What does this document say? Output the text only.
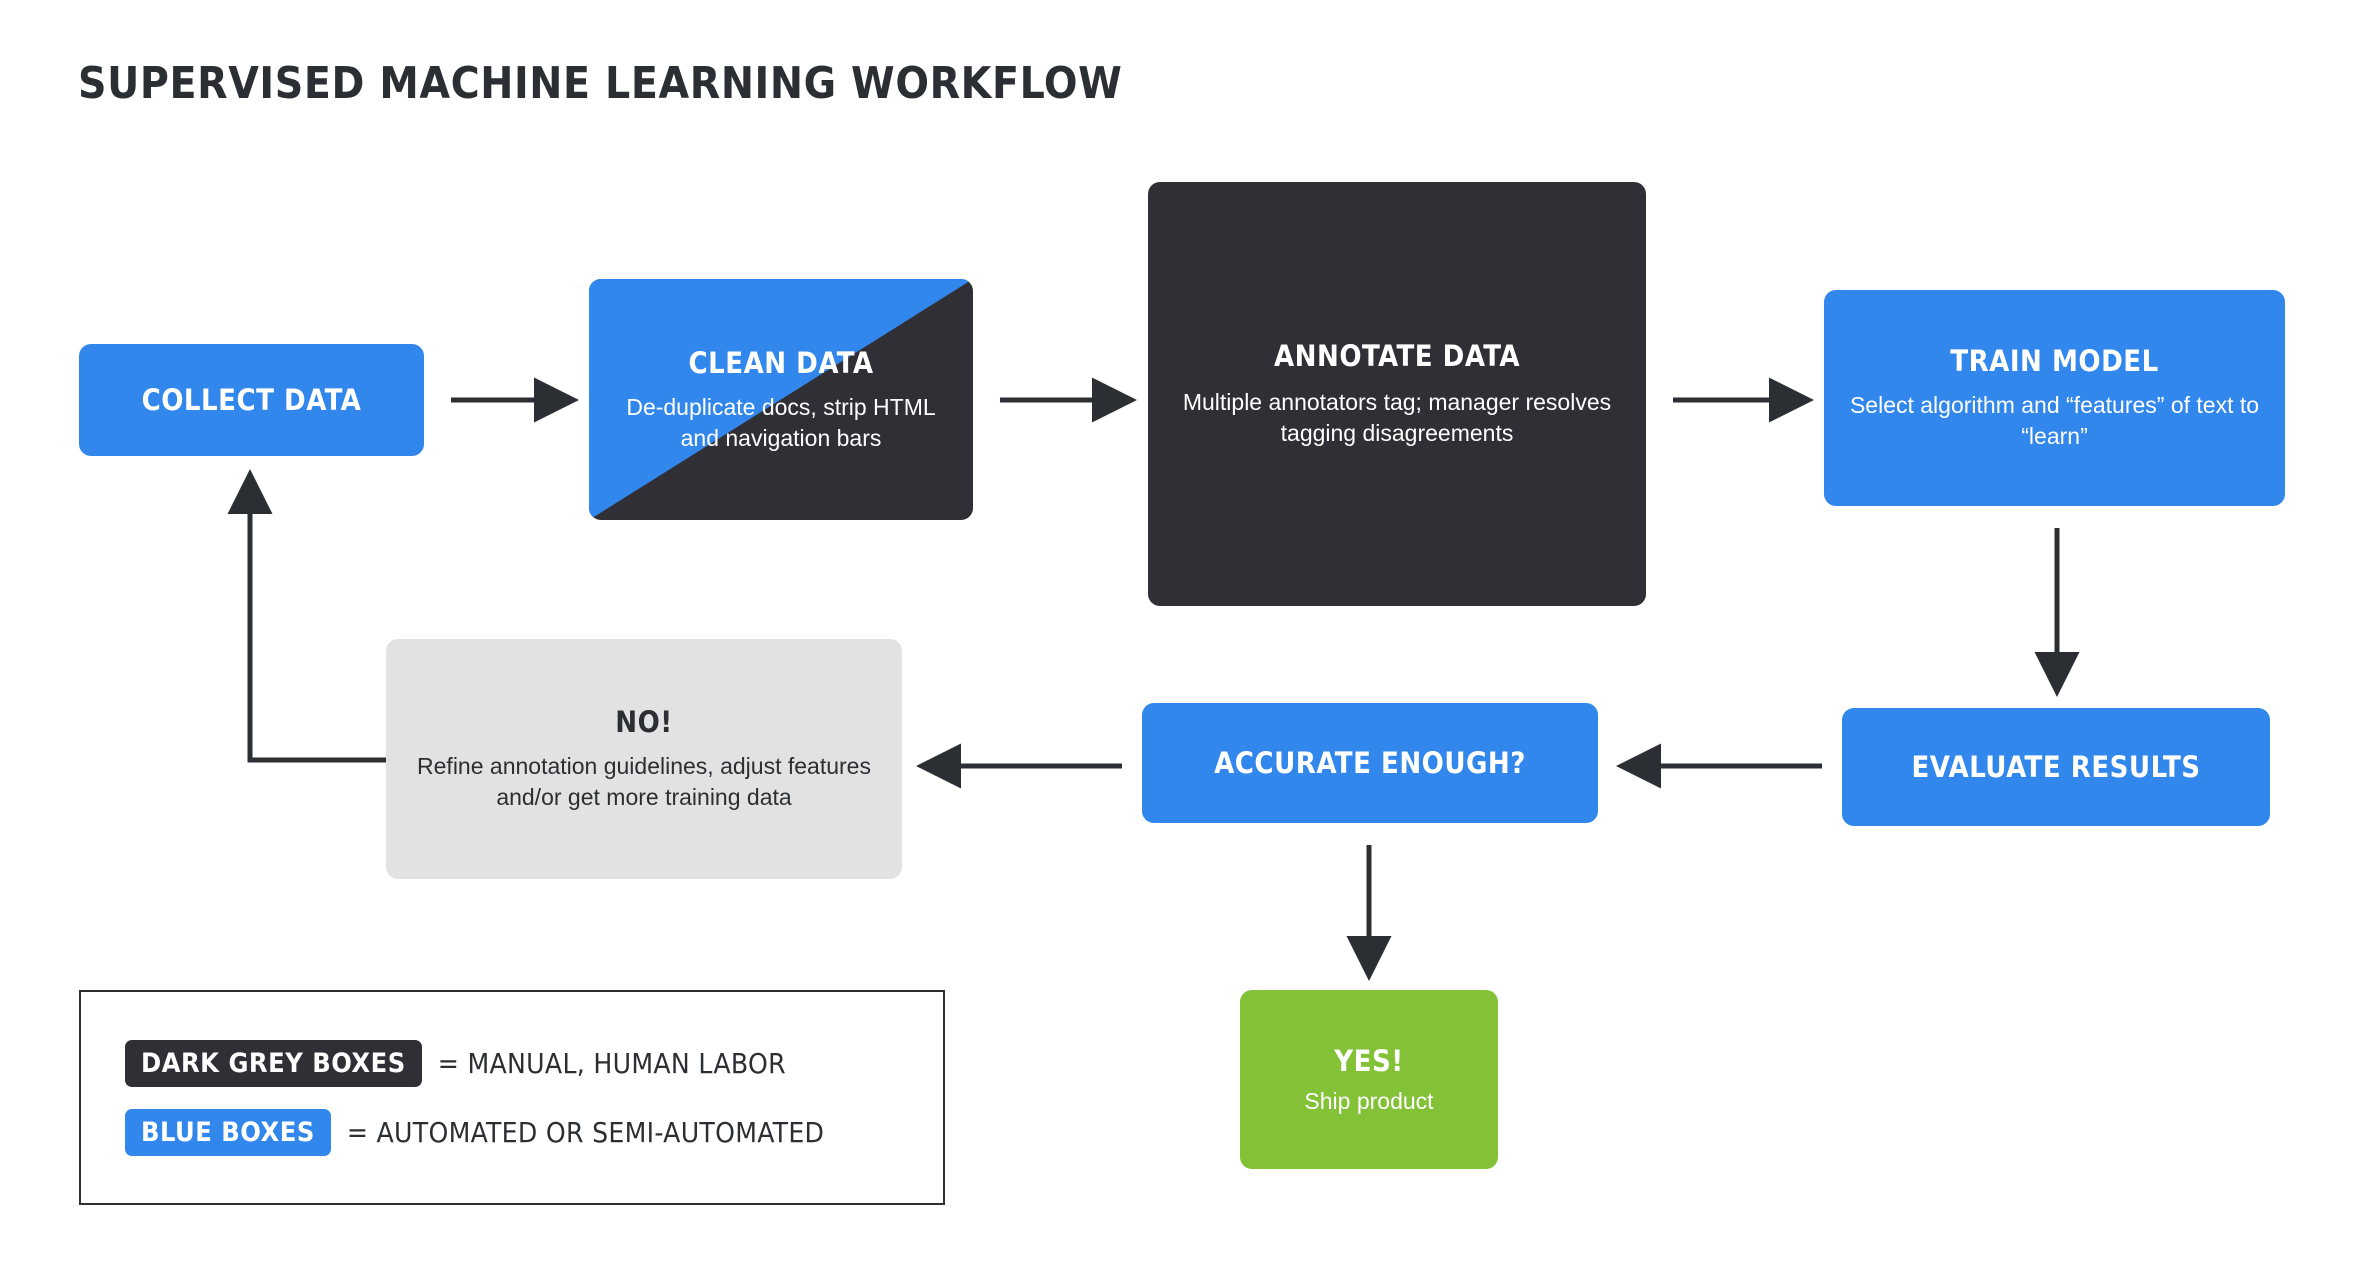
SUPERVISED MACHINE LEARNING WORKFLOW
COLLECT DATA
CLEAN DATA
De-duplicate docs, strip HTML and navigation bars
ANNOTATE DATA
Multiple annotators tag; manager resolves tagging disagreements
TRAIN MODEL
Select algorithm and “features” of text to “learn”
EVALUATE RESULTS
ACCURATE ENOUGH?
NO!
Refine annotation guidelines, adjust features and/or get more training data
YES!
Ship product
DARK GREY BOXES	= MANUAL, HUMAN LABOR
BLUE BOXES	= AUTOMATED OR SEMI-AUTOMATED
